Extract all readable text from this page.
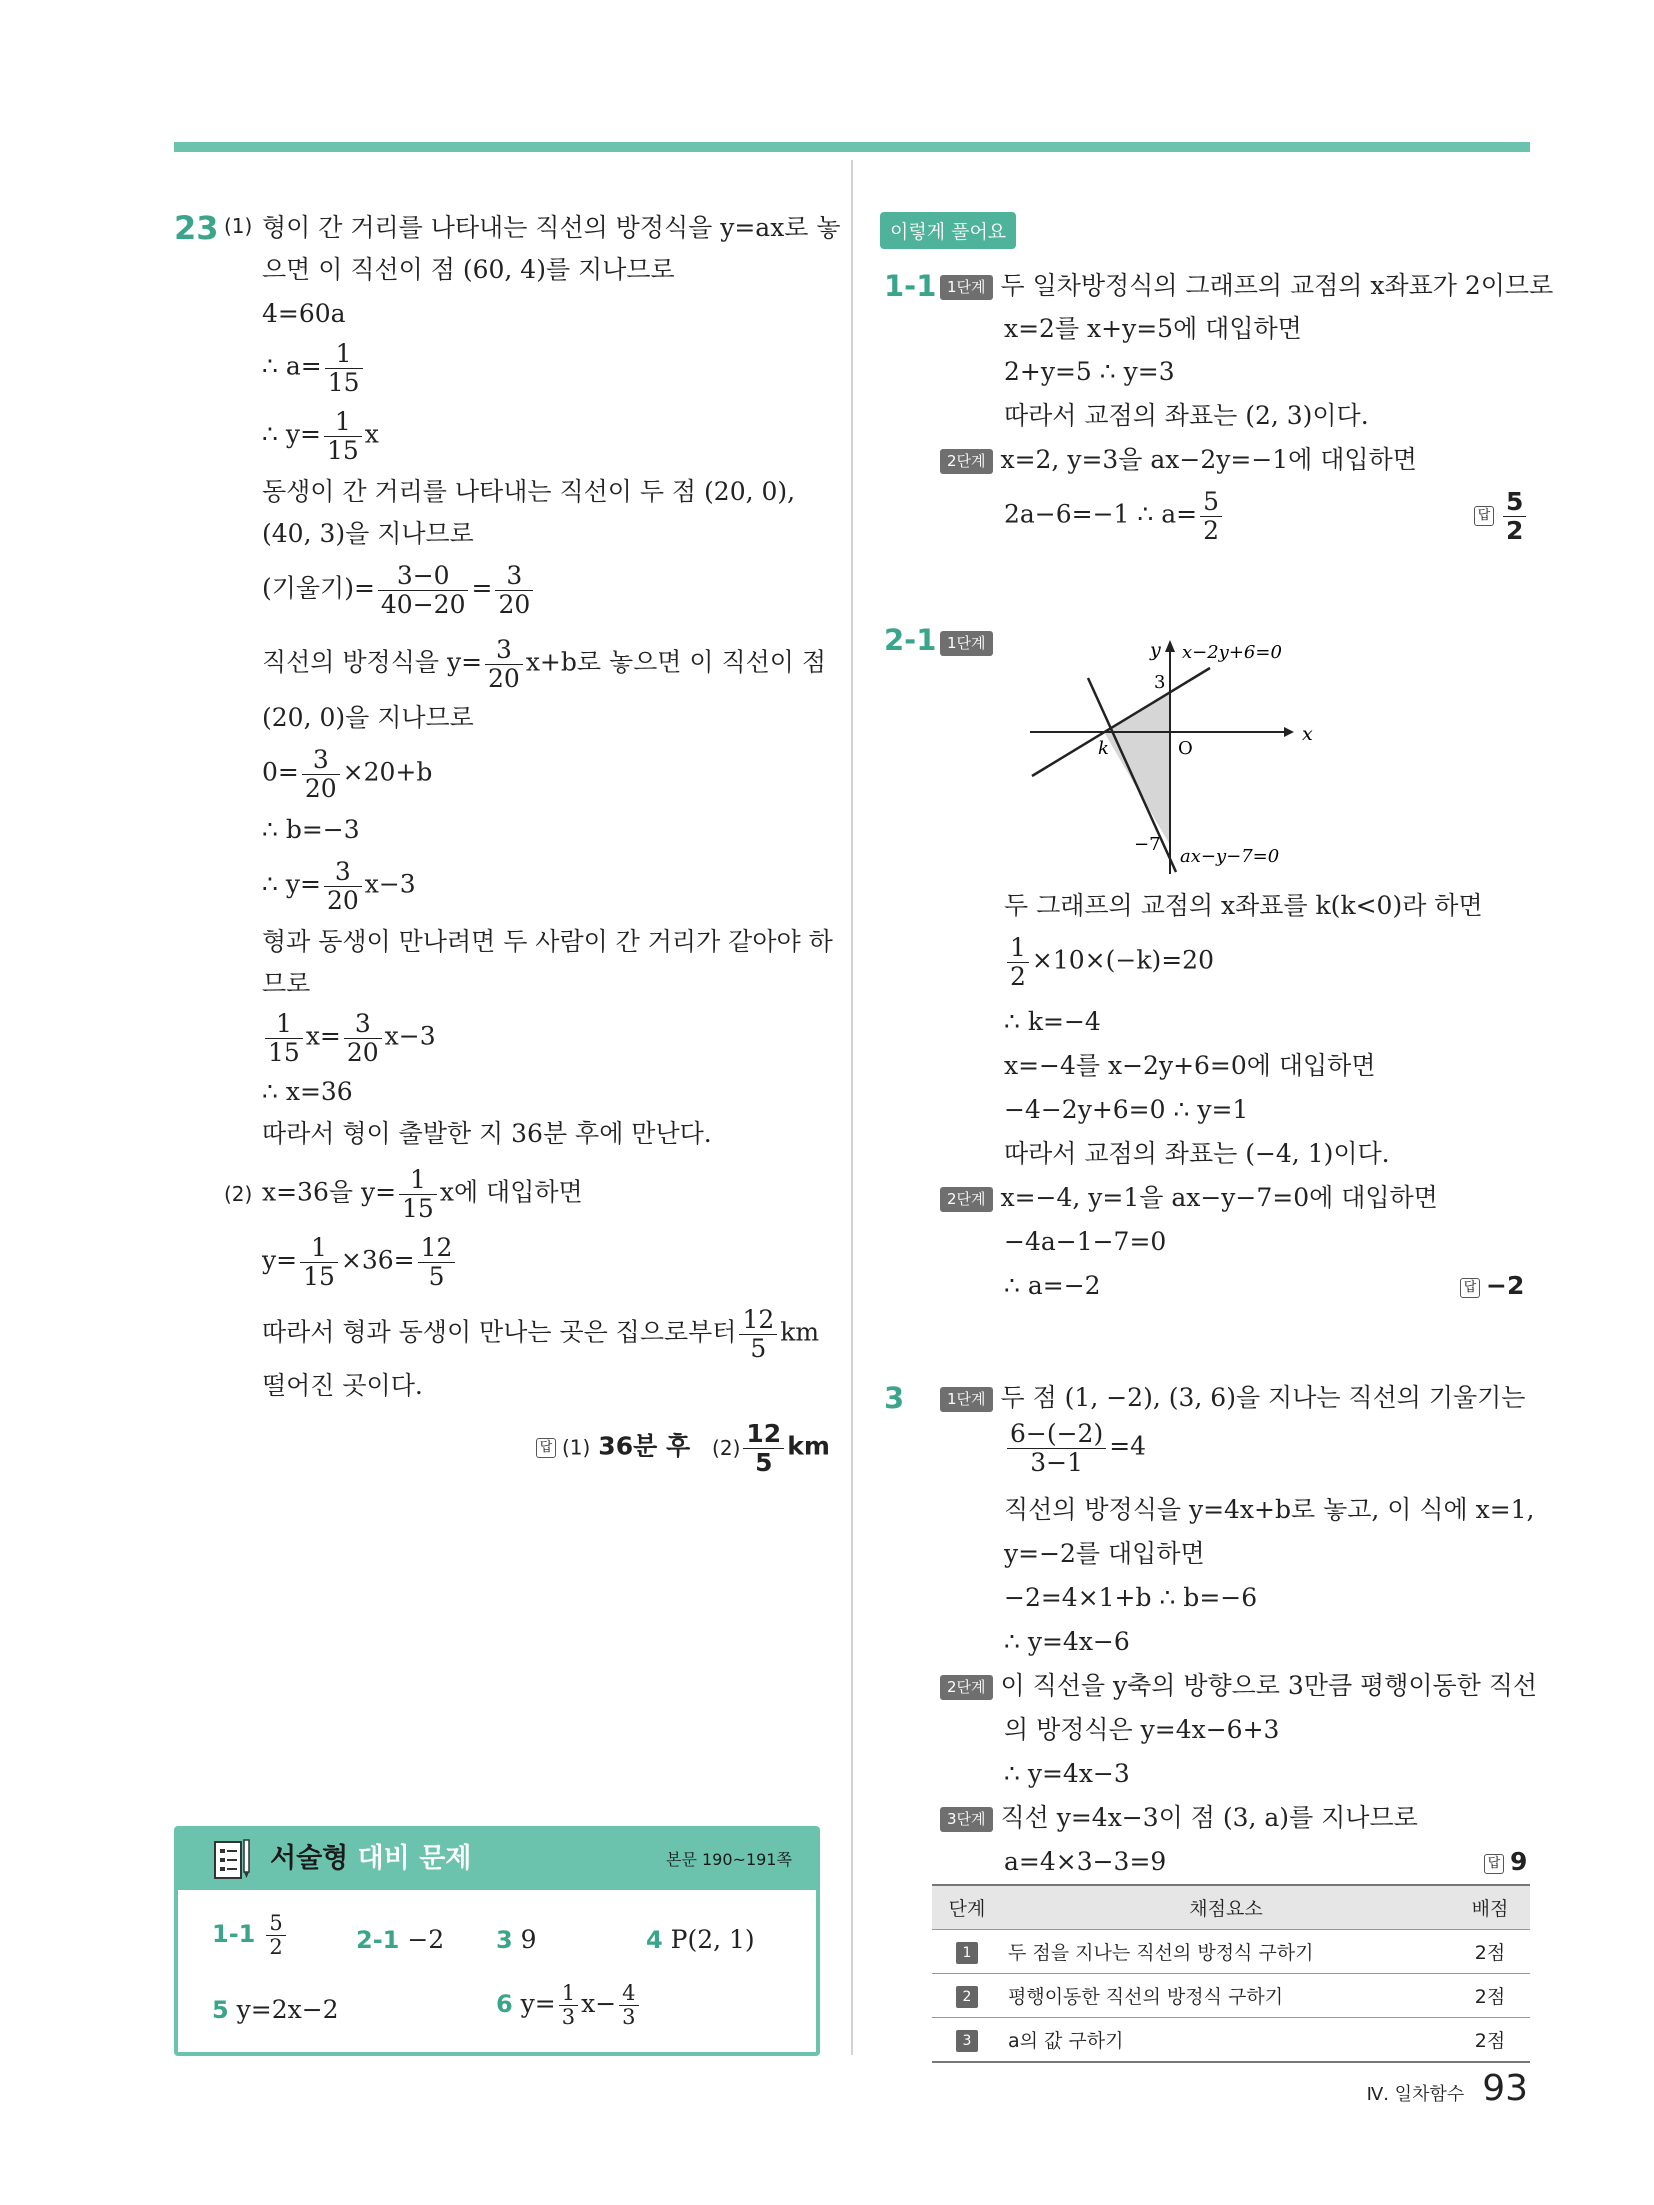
23 (1) 형이 간 거리를 나타내는 직선의 방정식을 y=ax로 놓
으면 이 직선이 점 (60, 4)를 지나므로
4=60a
∴ $a= \frac{1}{15}$
∴ $y= \frac{1}{15}$ x
동생이 간 거리를 나타내는 직선이 두 점 (20, 0),
(40, 3)을 지나므로
(기울기)= $\frac{3-0}{40-20} = \frac{3}{20}$
직선의 방정식을 $y= \frac{3}{20} x+b$로 놓으면 이 직선이 점
(20, 0)을 지나므로
$0= \frac{3}{20} \times 20+b$
∴ b=−3
∴ $y= \frac{3}{20} x-3$
형과 동생이 만나려면 두 사람이 간 거리가 같아야 하
므로
$\frac{1}{15} x= \frac{3}{20} x-3$
∴ x=36
따라서 형이 출발한 지 36분 후에 만난다.
(2) x=36을 $y= \frac{1}{15}$ x에 대입하면
$y= \frac{1}{15} \times 36= \frac{12}{5}$
따라서 형과 동생이 만나는 곳은 집으로부터 $\frac{12}{5}$ km
떨어진 곳이다.
답 (1) 36분 후 $(2) \frac{12}{5}$ km
서술형 대비 문제	본문 190~191쪽
$1-1 \frac{5}{2}$	2-1 −2 3 9	4 P(2, 1)
5 y=2x−2	6 $y= \frac{1}{3} x- \frac{4}{3}$
이렇게 풀어요
1-1 1단계 두 일차방정식의 그래프의 교점의 x좌표가 2이므로
x=2를 x+y=5에 대입하면
2+y=5 ∴ y=3
따라서 교점의 좌표는 (2, 3)이다.
2단계 x=2, y=3을 ax−2y=−1에 대입하면
2a−6=−1 ∴ $a= \frac{5}{2}$	답 $\frac{5}{2}$
2-1 1단계	y
x
O
k
3
−7
x−2y+6=0
ax−y−7=0
두 그래프의 교점의 x좌표를 k(k<0)라 하면
$\frac{1}{2} \times 10\times(-k)=20$
∴ k=−4
x=−4를 x−2y+6=0에 대입하면
−4−2y+6=0 ∴ y=1
따라서 교점의 좌표는 (−4, 1)이다.
2단계 x=−4, y=1을 ax−y−7=0에 대입하면
−4a−1−7=0
∴ a=−2	답 −2
3	1단계 두 점 (1, −2), (3, 6)을 지나는 직선의 기울기는
$\frac{6-(-2)}{3-1} =4$
직선의 방정식을 y=4x+b로 놓고, 이 식에 x=1,
y=−2를 대입하면
−2=4×1+b ∴ b=−6
∴ y=4x−6
2단계 이 직선을 y축의 방향으로 3만큼 평행이동한 직선
의 방정식은 y=4x−6+3
∴ y=4x−3
3단계 직선 y=4x−3이 점 (3, a)를 지나므로
a=4×3−3=9	답 9
단계	채점요소	배점
1	두 점을 지나는 직선의 방정식 구하기	2점
2	평행이동한 직선의 방정식 구하기	2점
3	a의 값 구하기	2점
Ⅳ. 일차함수 93
